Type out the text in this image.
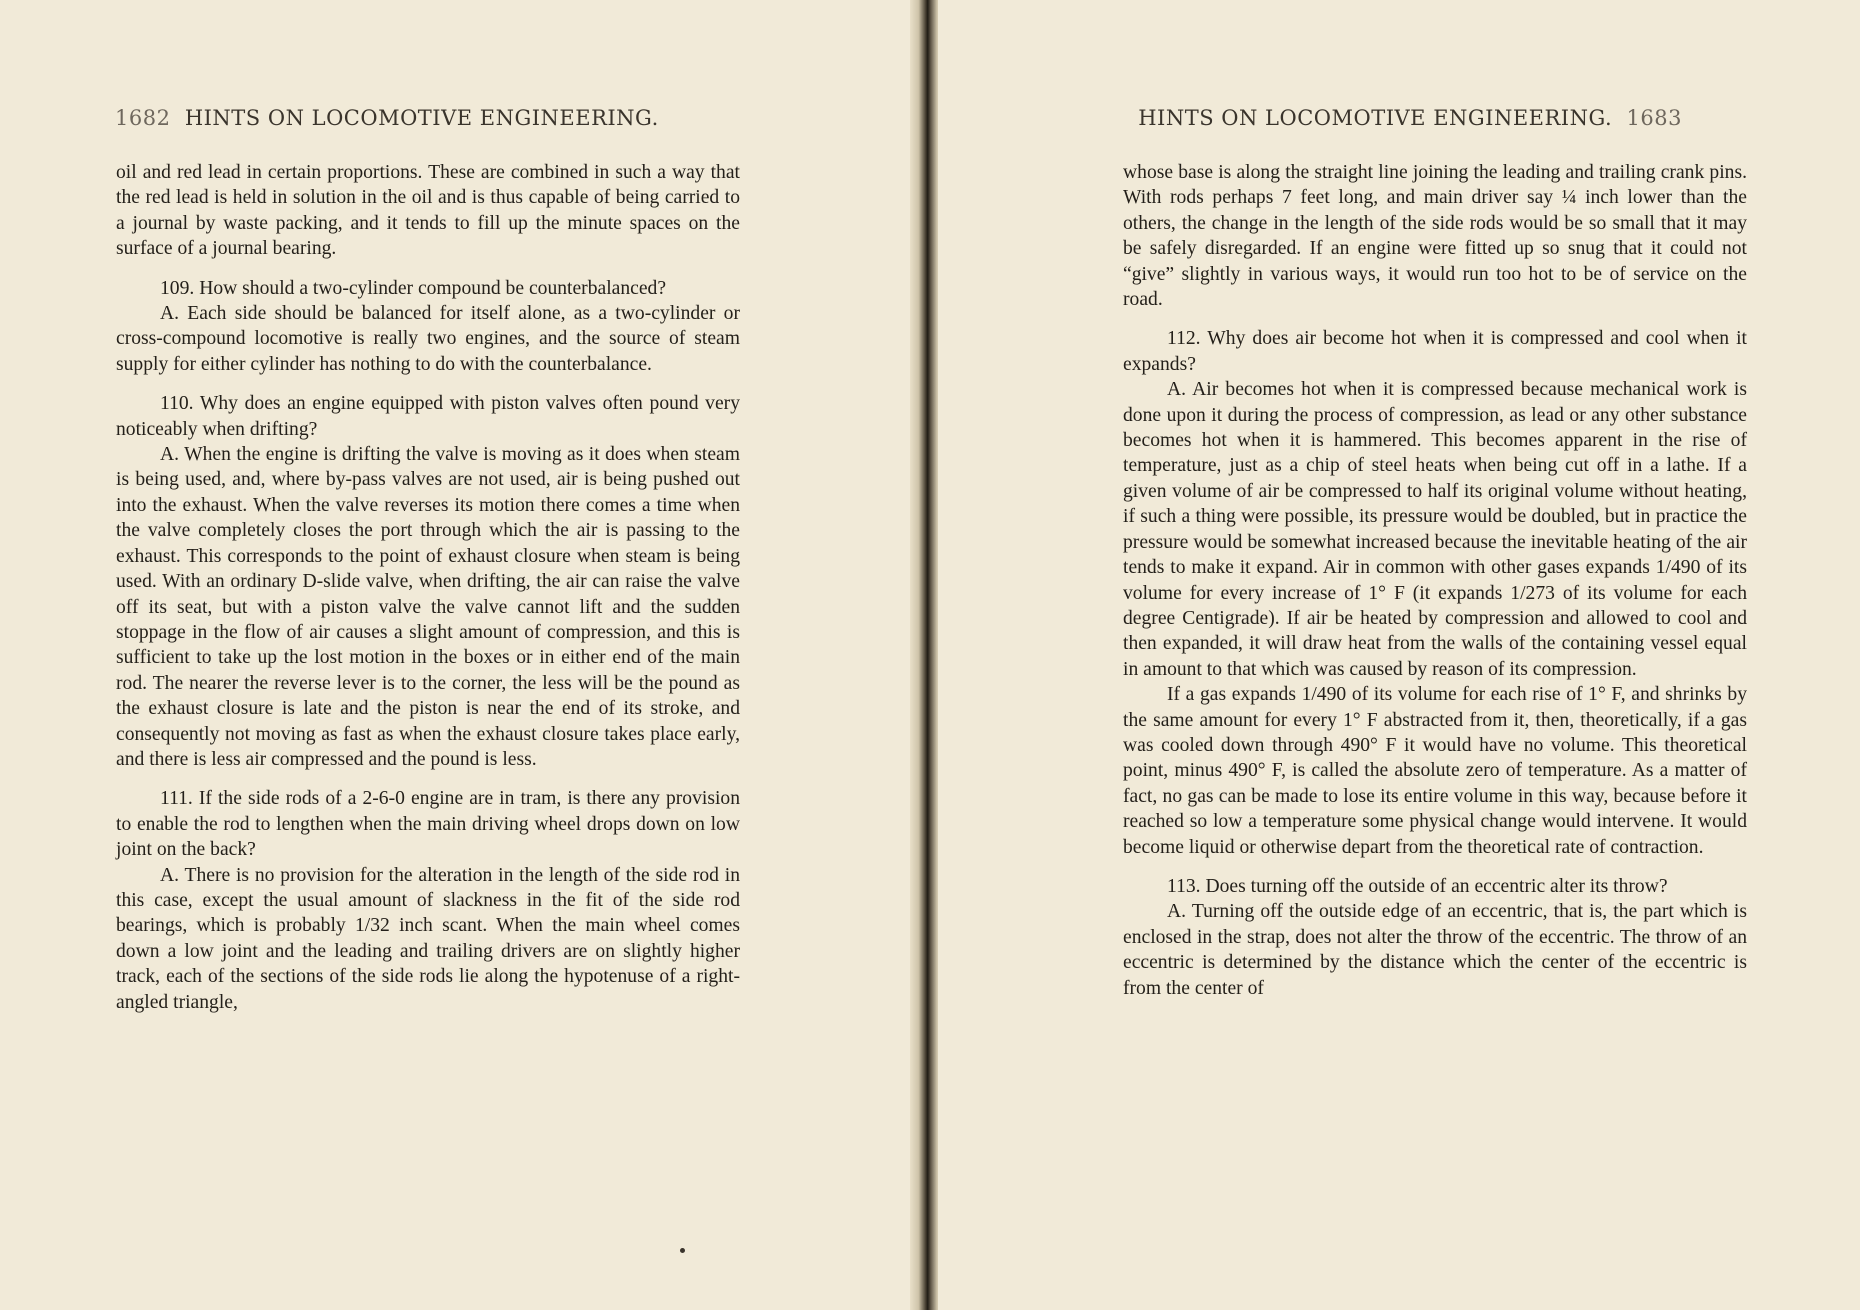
1682 HINTS ON LOCOMOTIVE ENGINEERING.

oil and red lead in certain proportions. These are combined in such a way that the red lead is held in solution in the oil and is thus capable of being carried to a journal by waste packing, and it tends to fill up the minute spaces on the surface of a journal bearing.

109. How should a two-cylinder compound be counterbalanced?

A. Each side should be balanced for itself alone, as a two-cylinder or cross-compound locomotive is really two engines, and the source of steam supply for either cylinder has nothing to do with the counterbalance.

110. Why does an engine equipped with piston valves often pound very noticeably when drifting?

A. When the engine is drifting the valve is moving as it does when steam is being used, and, where by-pass valves are not used, air is being pushed out into the exhaust. When the valve reverses its motion there comes a time when the valve completely closes the port through which the air is passing to the exhaust. This corresponds to the point of exhaust closure when steam is being used. With an ordinary D-slide valve, when drifting, the air can raise the valve off its seat, but with a piston valve the valve cannot lift and the sudden stoppage in the flow of air causes a slight amount of compression, and this is sufficient to take up the lost motion in the boxes or in either end of the main rod. The nearer the reverse lever is to the corner, the less will be the pound as the exhaust closure is late and the piston is near the end of its stroke, and consequently not moving as fast as when the exhaust closure takes place early, and there is less air compressed and the pound is less.

111. If the side rods of a 2-6-0 engine are in tram, is there any provision to enable the rod to lengthen when the main driving wheel drops down on low joint on the back?

A. There is no provision for the alteration in the length of the side rod in this case, except the usual amount of slackness in the fit of the side rod bearings, which is probably 1/32 inch scant. When the main wheel comes down a low joint and the leading and trailing drivers are on slightly higher track, each of the sections of the side rods lie along the hypotenuse of a right-angled triangle,

HINTS ON LOCOMOTIVE ENGINEERING. 1683

whose base is along the straight line joining the leading and trailing crank pins. With rods perhaps 7 feet long, and main driver say ¼ inch lower than the others, the change in the length of the side rods would be so small that it may be safely disregarded. If an engine were fitted up so snug that it could not “give” slightly in various ways, it would run too hot to be of service on the road.

112. Why does air become hot when it is compressed and cool when it expands?

A. Air becomes hot when it is compressed because mechanical work is done upon it during the process of compression, as lead or any other substance becomes hot when it is hammered. This becomes apparent in the rise of temperature, just as a chip of steel heats when being cut off in a lathe. If a given volume of air be compressed to half its original volume without heating, if such a thing were possible, its pressure would be doubled, but in practice the pressure would be somewhat increased because the inevitable heating of the air tends to make it expand. Air in common with other gases expands 1/490 of its volume for every increase of 1° F (it expands 1/273 of its volume for each degree Centigrade). If air be heated by compression and allowed to cool and then expanded, it will draw heat from the walls of the containing vessel equal in amount to that which was caused by reason of its compression.

If a gas expands 1/490 of its volume for each rise of 1° F, and shrinks by the same amount for every 1° F abstracted from it, then, theoretically, if a gas was cooled down through 490° F it would have no volume. This theoretical point, minus 490° F, is called the absolute zero of temperature. As a matter of fact, no gas can be made to lose its entire volume in this way, because before it reached so low a temperature some physical change would intervene. It would become liquid or otherwise depart from the theoretical rate of contraction.

113. Does turning off the outside of an eccentric alter its throw?

A. Turning off the outside edge of an eccentric, that is, the part which is enclosed in the strap, does not alter the throw of the eccentric. The throw of an eccentric is determined by the distance which the center of the eccentric is from the center of
